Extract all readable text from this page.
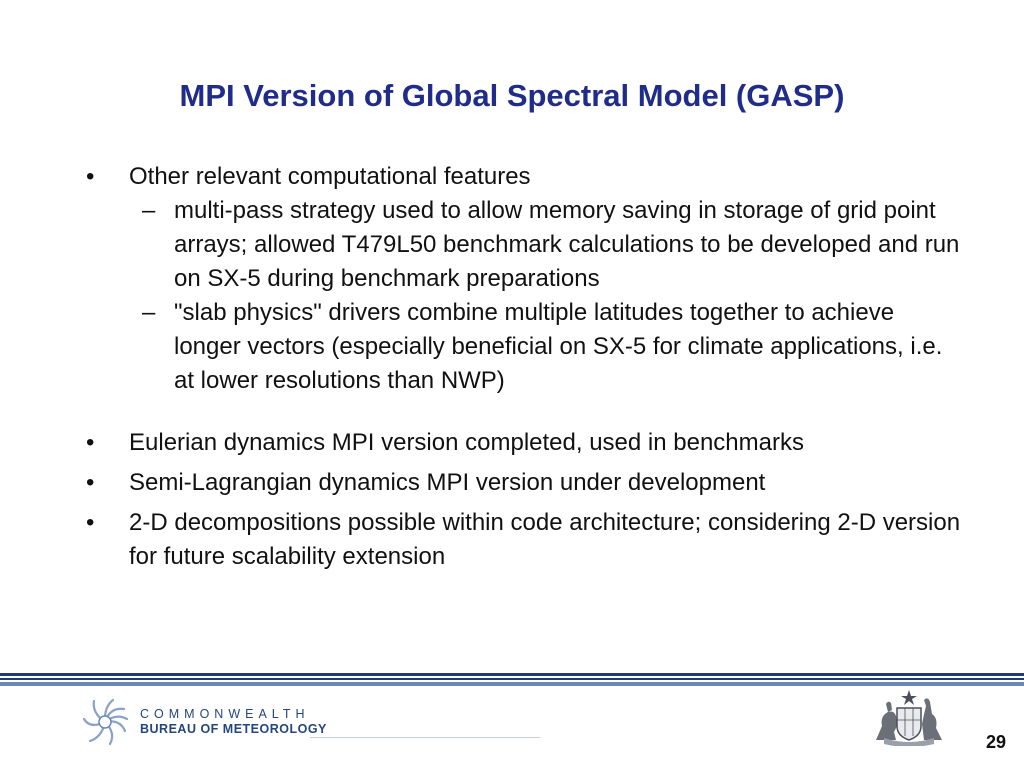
MPI Version of Global Spectral Model (GASP)
• Other relevant computational features
– multi-pass strategy used to allow memory saving in storage of grid point arrays; allowed T479L50 benchmark calculations to be developed and run on SX-5 during benchmark preparations
– "slab physics" drivers combine multiple latitudes together to achieve longer vectors (especially beneficial on SX-5 for climate applications, i.e. at lower resolutions than NWP)
• Eulerian dynamics MPI version completed, used in benchmarks
• Semi-Lagrangian dynamics MPI version under development
• 2-D decompositions possible within code architecture; considering 2-D version for future scalability extension
COMMONWEALTH
BUREAU OF METEOROLOGY
29
